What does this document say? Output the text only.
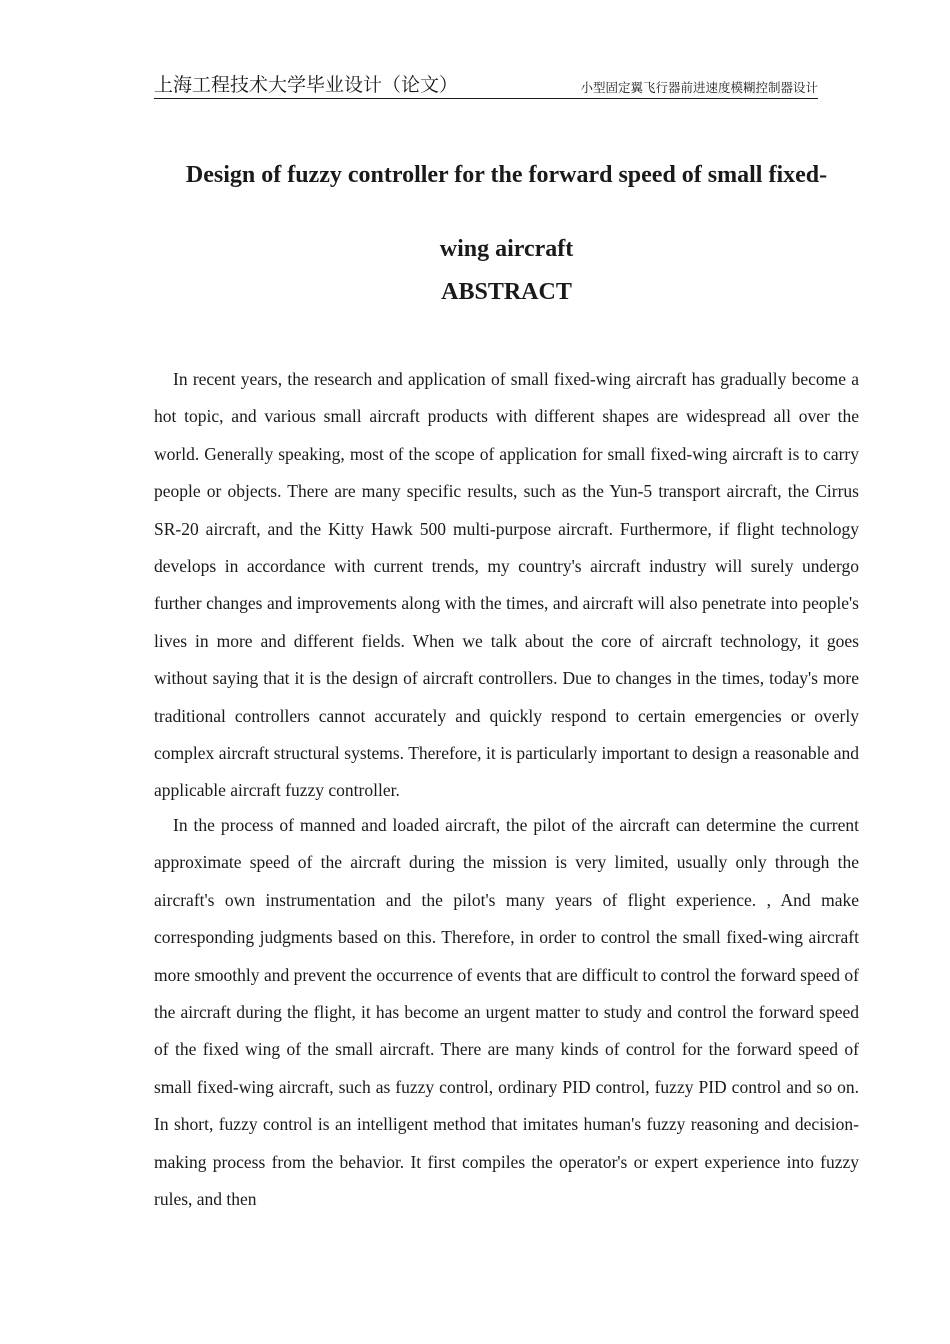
上海工程技术大学毕业设计（论文）	小型固定翼飞行器前进速度模糊控制器设计
Design of fuzzy controller for the forward speed of small fixed-
wing aircraft
ABSTRACT

In recent years, the research and application of small fixed-wing aircraft has gradually become a hot topic, and various small aircraft products with different shapes are widespread all over the world. Generally speaking, most of the scope of application for small fixed-wing aircraft is to carry people or objects. There are many specific results, such as the Yun-5 transport aircraft, the Cirrus SR-20 aircraft, and the Kitty Hawk 500 multi-purpose aircraft. Furthermore, if flight technology develops in accordance with current trends, my country's aircraft industry will surely undergo further changes and improvements along with the times, and aircraft will also penetrate into people's lives in more and different fields. When we talk about the core of aircraft technology, it goes without saying that it is the design of aircraft controllers. Due to changes in the times, today's more traditional controllers cannot accurately and quickly respond to certain emergencies or overly complex aircraft structural systems. Therefore, it is particularly important to design a reasonable and applicable aircraft fuzzy controller.

In the process of manned and loaded aircraft, the pilot of the aircraft can determine the current approximate speed of the aircraft during the mission is very limited, usually only through the aircraft's own instrumentation and the pilot's many years of flight experience. , And make corresponding judgments based on this. Therefore, in order to control the small fixed-wing aircraft more smoothly and prevent the occurrence of events that are difficult to control the forward speed of the aircraft during the flight, it has become an urgent matter to study and control the forward speed of the fixed wing of the small aircraft. There are many kinds of control for the forward speed of small fixed-wing aircraft, such as fuzzy control, ordinary PID control, fuzzy PID control and so on. In short, fuzzy control is an intelligent method that imitates human's fuzzy reasoning and decision-making process from the behavior. It first compiles the operator's or expert experience into fuzzy rules, and then
